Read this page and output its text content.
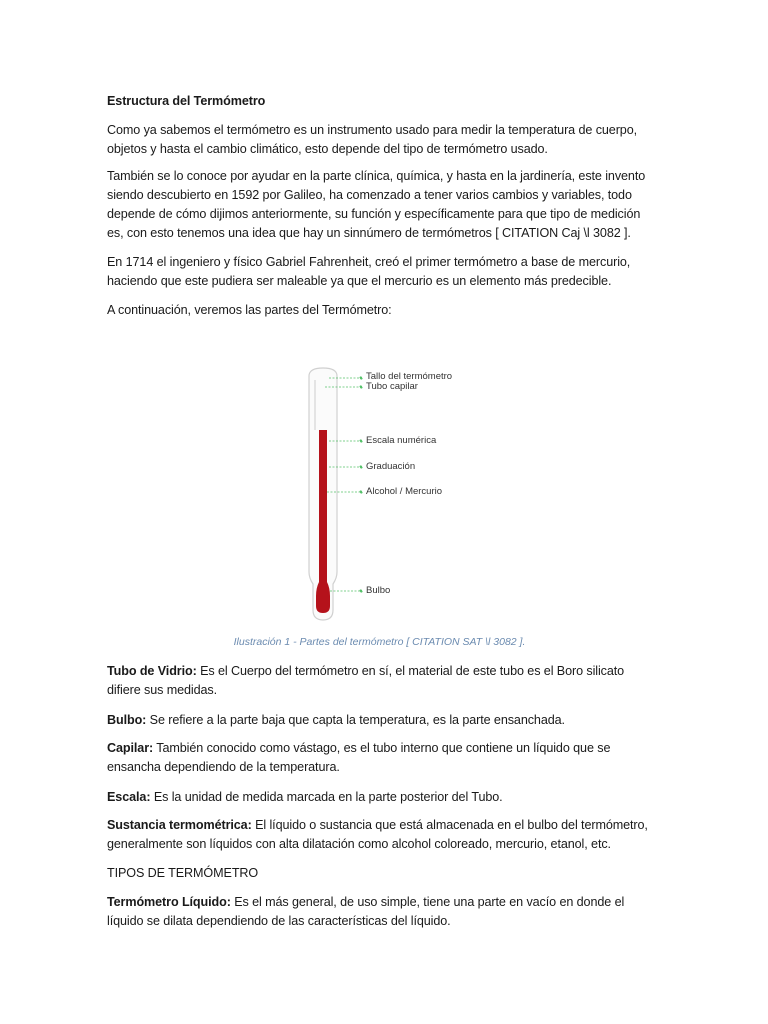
Estructura del Termómetro

Como ya sabemos el termómetro es un instrumento usado para medir la temperatura de cuerpo, objetos y hasta el cambio climático, esto depende del tipo de termómetro usado.

También se lo conoce por ayudar en la parte clínica, química, y hasta en la jardinería, este invento siendo descubierto en 1592 por Galileo, ha comenzado a tener varios cambios y variables, todo depende de cómo dijimos anteriormente, su función y específicamente para que tipo de medición es, con esto tenemos una idea que hay un sinnúmero de termómetros [ CITATION Caj \l 3082 ].

En 1714 el ingeniero y físico Gabriel Fahrenheit, creó el primer termómetro a base de mercurio, haciendo que este pudiera ser maleable ya que el mercurio es un elemento más predecible.

A continuación, veremos las partes del Termómetro:

Tallo del termómetro
Tubo capilar
Escala numérica
Graduación
Alcohol / Mercurio
Bulbo
Ilustración 1 - Partes del termómetro [ CITATION SAT \l 3082 ].

Tubo de Vidrio: Es el Cuerpo del termómetro en sí, el material de este tubo es el Boro silicato difiere sus medidas.

Bulbo: Se refiere a la parte baja que capta la temperatura, es la parte ensanchada.

Capilar: También conocido como vástago, es el tubo interno que contiene un líquido que se ensancha dependiendo de la temperatura.

Escala: Es la unidad de medida marcada en la parte posterior del Tubo.

Sustancia termométrica: El líquido o sustancia que está almacenada en el bulbo del termómetro, generalmente son líquidos con alta dilatación como alcohol coloreado, mercurio, etanol, etc.

TIPOS DE TERMÓMETRO

Termómetro Líquido: Es el más general, de uso simple, tiene una parte en vacío en donde el líquido se dilata dependiendo de las características del líquido.
